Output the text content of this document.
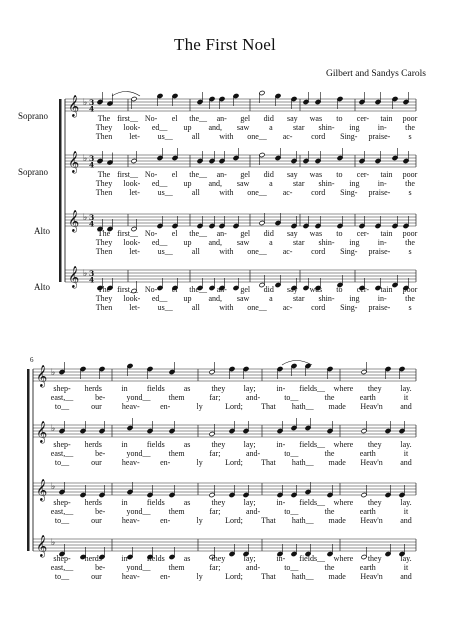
The First Noel
Gilbert and Sandys Carols
Soprano
Soprano
Alto
Alto
6
𝄞 ♭ 3
4
The first__ No- el the__ an- gel did say was to cer- tain poor
They look- ed__ up and, saw a	star shin- ing in- the
Then let- us__ all with one__ ac- cord Sing- praise- s
𝄞 ♭ 3
4
The first__ No- el the__ an- gel did say was to cer- tain poor
They look- ed__ up and, saw a	star shin- ing in- the
Then let- us__ all with one__ ac- cord Sing- praise- s
𝄞 ♭ 3
4
The first__ No- el the__ an- gel did say was to cer- tain poor
They look- ed__ up and, saw a	star shin- ing in- the
Then let- us__ all with one__ ac- cord Sing- praise- s
𝄞 ♭ 3
4
The first__ No- el the__ an- gel did say was to cer- tain poor
They look- ed__ up and, saw a	star shin- ing in- the
Then let- us__ all with one__ ac- cord Sing- praise- s
𝄞 ♭
shep- herds in fields as	they lay;	in- fields__ where they lay.
east,__	be-	yond__ them	far;	and-	to__	the	earth	it
to__	our	heav-	en-	ly	Lord; That hath__ made Heav'n and
𝄞 ♭
shep- herds in fields as	they lay;	in- fields__ where they lay.
east,__	be-	yond__ them	far;	and-	to__	the	earth	it
to__	our	heav-	en-	ly	Lord; That hath__ made Heav'n and
𝄞 ♭
shep- herds in fields as	they lay;	in- fields__ where they lay.
east,__	be-	yond__ them	far;	and-	to__	the	earth	it
to__	our	heav-	en-	ly	Lord; That hath__ made Heav'n and
𝄞 ♭
shep- herds in fields as	they lay;	in- fields__ where they lay.
east,__	be-	yond__ them	far;	and-	to__	the	earth	it
to__	our	heav-	en-	ly	Lord; That hath__ made Heav'n and
